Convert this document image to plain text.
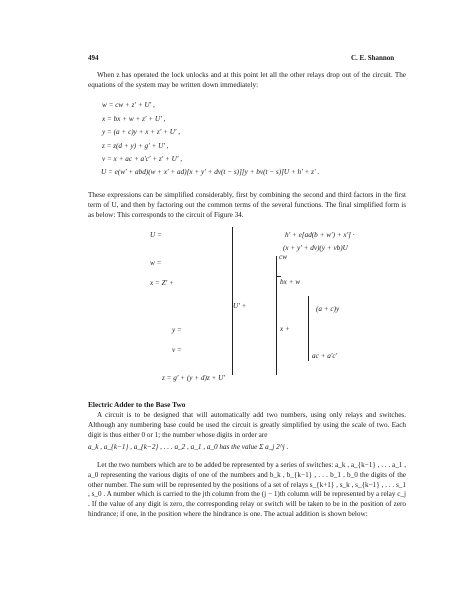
494	C. E. Shannon
When z has operated the lock unlocks and at this point let all the other relays drop out of the circuit. The equations of the system may be written down immediately:
w = cw + z′ + U′ ,
x = bx + w + z′ + U′ ,
y = (a + c)y + x + z′ + U′ ,
z = z(d + y) + g′ + U′ ,
v = x + ac + a′c′ + z′ + U′ ,
U = e(w′ + abd)(w + x′ + ad)[x + y′ + dv(t − s)][y + bv(t − s)]U + h′ + z′ .
These expressions can be simplified considerably, first by combining the second and third factors in the first term of U, and then by factoring out the common terms of the several functions. The final simplified form is as below: This corresponds to the circuit of Figure 34.
U =
w =
x = Z′ +
y =
v =
U′ +
h′ + e[ad(b + w′) + x′] ·
(x + y′ + dv)(y + vb)U
cw
bx + w
x +
(a + c)y
ac + a′c′
z = g′ + (y + d)z + U′
Electric Adder to the Base Two
A circuit is to be designed that will automatically add two numbers, using only relays and switches. Although any numbering base could be used the circuit is greatly simplified by using the scale of two. Each digit is thus either 0 or 1; the number whose digits in order are
a_k , a_{k−1} , a_{k−2} , . . . a_2 , a_1 , a_0 has the value Σ a_j 2^j .
Let the two numbers which are to be added be represented by a series of switches: a_k , a_{k−1} , . . . a_1 , a_0 representing the various digits of one of the numbers and b_k , b_{k−1} , . . . b_1 , b_0 the digits of the other number. The sum will be represented by the positions of a set of relays s_{k+1} , s_k , s_{k−1} , . . . s_1 , s_0 . A number which is carried to the jth column from the (j − 1)th column will be represented by a relay c_j . If the value of any digit is zero, the corresponding relay or switch will be taken to be in the position of zero hindrance; if one, in the position where the hindrance is one. The actual addition is shown below:
